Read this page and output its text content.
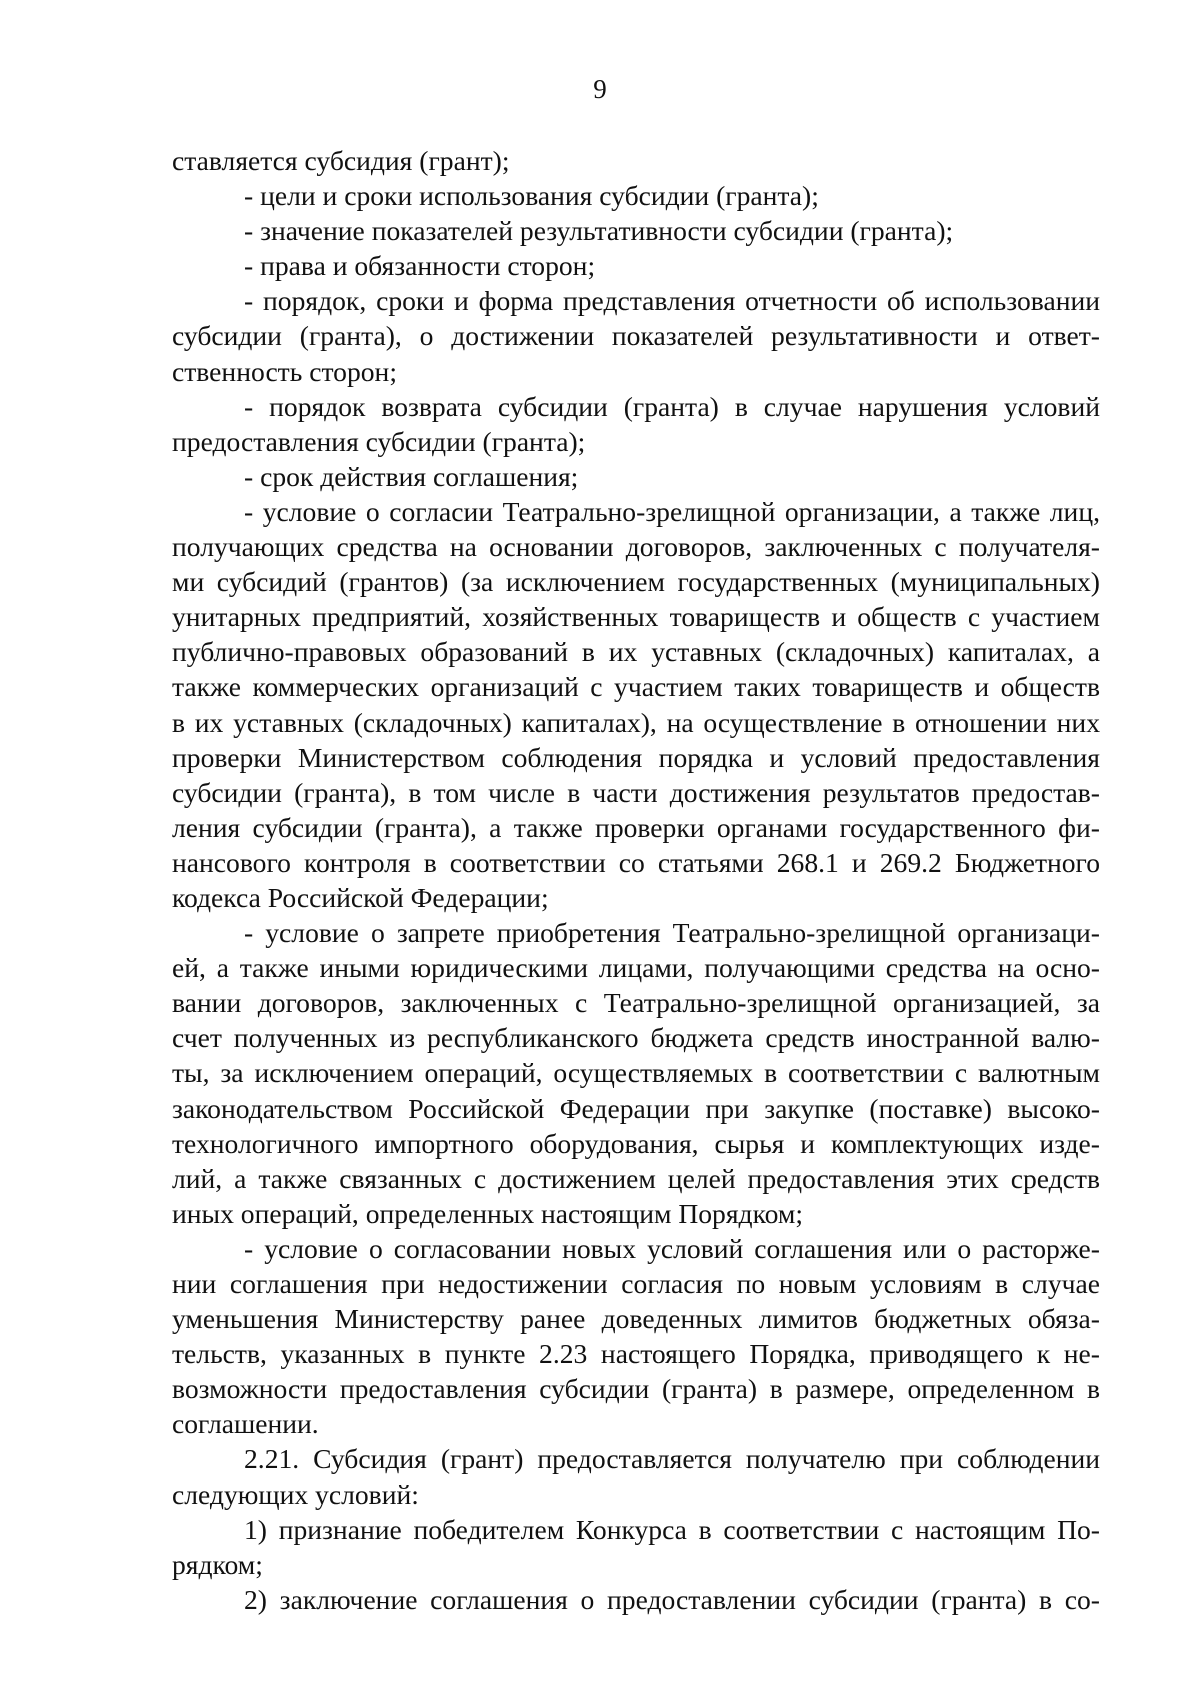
9
ставляется субсидия (грант);
- цели и сроки использования субсидии (гранта);
- значение показателей результативности субсидии (гранта);
- права и обязанности сторон;
- порядок, сроки и форма представления отчетности об использовании
субсидии (гранта), о достижении показателей результативности и ответ-
ственность сторон;
- порядок возврата субсидии (гранта) в случае нарушения условий
предоставления субсидии (гранта);
- срок действия соглашения;
- условие о согласии Театрально-зрелищной организации, а также лиц,
получающих средства на основании договоров, заключенных с получателя-
ми субсидий (грантов) (за исключением государственных (муниципальных)
унитарных предприятий, хозяйственных товариществ и обществ с участием
публично-правовых образований в их уставных (складочных) капиталах, а
также коммерческих организаций с участием таких товариществ и обществ
в их уставных (складочных) капиталах), на осуществление в отношении них
проверки Министерством соблюдения порядка и условий предоставления
субсидии (гранта), в том числе в части достижения результатов предостав-
ления субсидии (гранта), а также проверки органами государственного фи-
нансового контроля в соответствии со статьями 268.1 и 269.2 Бюджетного
кодекса Российской Федерации;
- условие о запрете приобретения Театрально-зрелищной организаци-
ей, а также иными юридическими лицами, получающими средства на осно-
вании договоров, заключенных с Театрально-зрелищной организацией, за
счет полученных из республиканского бюджета средств иностранной валю-
ты, за исключением операций, осуществляемых в соответствии с валютным
законодательством Российской Федерации при закупке (поставке) высоко-
технологичного импортного оборудования, сырья и комплектующих изде-
лий, а также связанных с достижением целей предоставления этих средств
иных операций, определенных настоящим Порядком;
- условие о согласовании новых условий соглашения или о расторже-
нии соглашения при недостижении согласия по новым условиям в случае
уменьшения Министерству ранее доведенных лимитов бюджетных обяза-
тельств, указанных в пункте 2.23 настоящего Порядка, приводящего к не-
возможности предоставления субсидии (гранта) в размере, определенном в
соглашении.
2.21. Субсидия (грант) предоставляется получателю при соблюдении
следующих условий:
1) признание победителем Конкурса в соответствии с настоящим По-
рядком;
2) заключение соглашения о предоставлении субсидии (гранта) в со-
